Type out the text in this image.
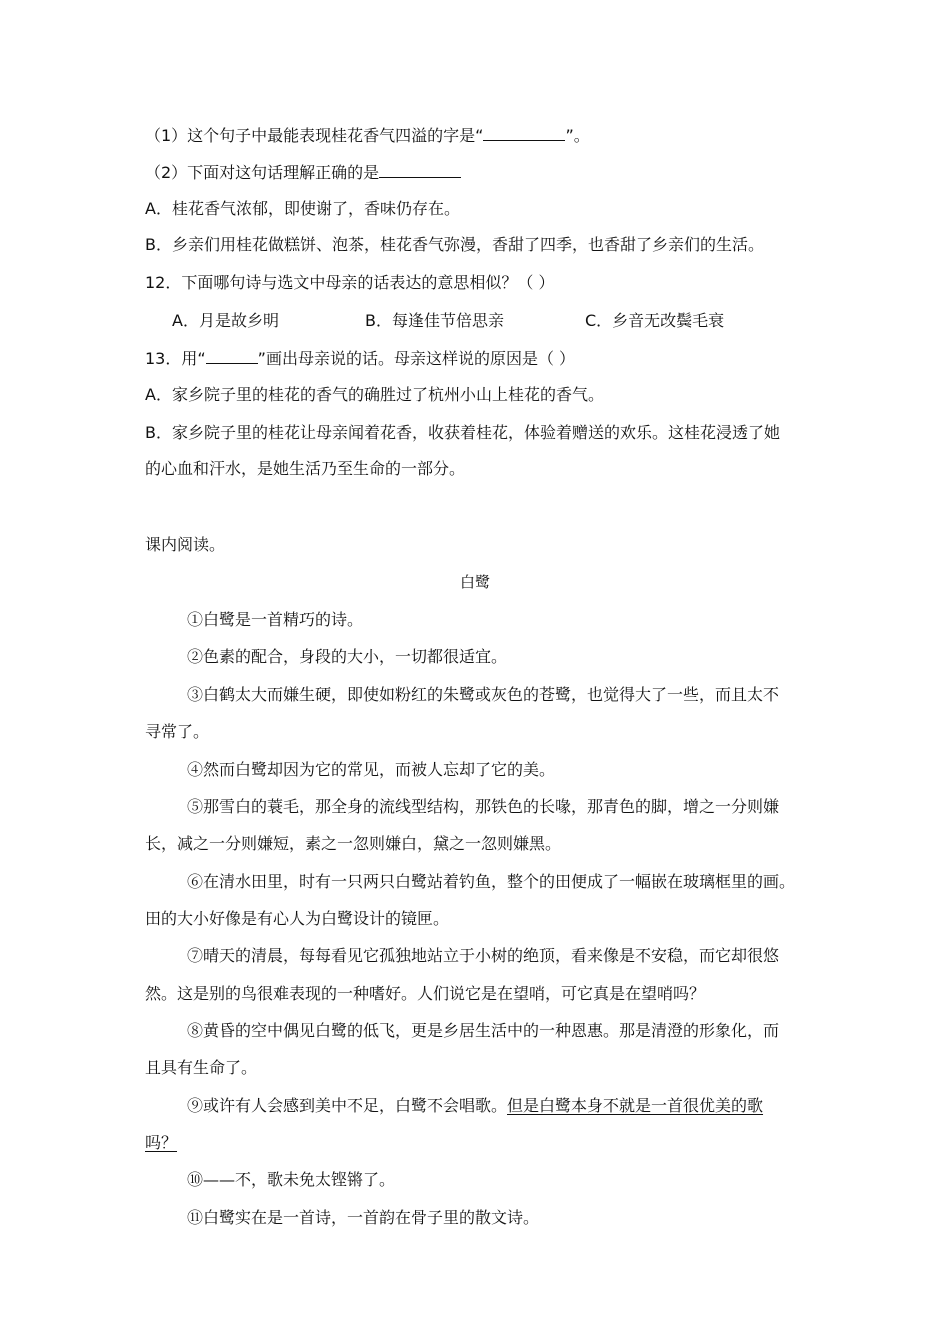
（1）这个句子中最能表现桂花香气四溢的字是“	”。
（2）下面对这句话理解正确的是
A．桂花香气浓郁，即使谢了，香味仍存在。
B．乡亲们用桂花做糕饼、泡茶，桂花香气弥漫，香甜了四季，也香甜了乡亲们的生活。
12．下面哪句诗与选文中母亲的话表达的意思相似？（ ）
A．月是故乡明	B．每逢佳节倍思亲	C．乡音无改鬓毛衰
13．用“	”画出母亲说的话。母亲这样说的原因是（ ）
A．家乡院子里的桂花的香气的确胜过了杭州小山上桂花的香气。
B．家乡院子里的桂花让母亲闻着花香，收获着桂花，体验着赠送的欢乐。这桂花浸透了她
的心血和汗水，是她生活乃至生命的一部分。
课内阅读。
白鹭
①白鹭是一首精巧的诗。
②色素的配合，身段的大小，一切都很适宜。
③白鹤太大而嫌生硬，即使如粉红的朱鹭或灰色的苍鹭，也觉得大了一些，而且太不
寻常了。
④然而白鹭却因为它的常见，而被人忘却了它的美。
⑤那雪白的蓑毛，那全身的流线型结构，那铁色的长喙，那青色的脚，增之一分则嫌
长，减之一分则嫌短，素之一忽则嫌白，黛之一忽则嫌黑。
⑥在清水田里，时有一只两只白鹭站着钓鱼，整个的田便成了一幅嵌在玻璃框里的画。
田的大小好像是有心人为白鹭设计的镜匣。
⑦晴天的清晨，每每看见它孤独地站立于小树的绝顶，看来像是不安稳，而它却很悠
然。这是别的鸟很难表现的一种嗜好。人们说它是在望哨，可它真是在望哨吗？
⑧黄昏的空中偶见白鹭的低飞，更是乡居生活中的一种恩惠。那是清澄的形象化，而
且具有生命了。
⑨或许有人会感到美中不足，白鹭不会唱歌。但是白鹭本身不就是一首很优美的歌
吗？
⑩——不，歌未免太铿锵了。
⑪白鹭实在是一首诗，一首韵在骨子里的散文诗。
